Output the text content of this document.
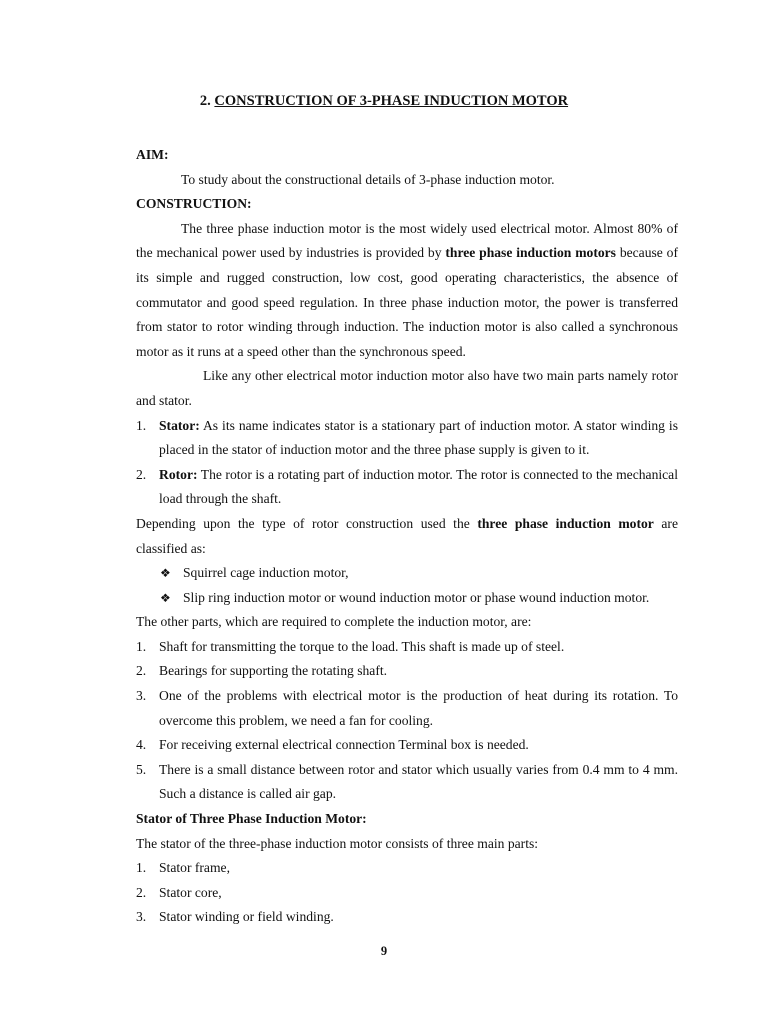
2. CONSTRUCTION OF 3-PHASE INDUCTION MOTOR

AIM:

To study about the constructional details of 3-phase induction motor.

CONSTRUCTION:

The three phase induction motor is the most widely used electrical motor. Almost 80% of the mechanical power used by industries is provided by three phase induction motors because of its simple and rugged construction, low cost, good operating characteristics, the absence of commutator and good speed regulation. In three phase induction motor, the power is transferred from stator to rotor winding through induction. The induction motor is also called a synchronous motor as it runs at a speed other than the synchronous speed.

Like any other electrical motor induction motor also have two main parts namely rotor and stator.

1. Stator: As its name indicates stator is a stationary part of induction motor. A stator winding is placed in the stator of induction motor and the three phase supply is given to it.
2. Rotor: The rotor is a rotating part of induction motor. The rotor is connected to the mechanical load through the shaft.

Depending upon the type of rotor construction used the three phase induction motor are classified as:

❖ Squirrel cage induction motor,
❖ Slip ring induction motor or wound induction motor or phase wound induction motor.

The other parts, which are required to complete the induction motor, are:

1. Shaft for transmitting the torque to the load. This shaft is made up of steel.
2. Bearings for supporting the rotating shaft.
3. One of the problems with electrical motor is the production of heat during its rotation. To overcome this problem, we need a fan for cooling.
4. For receiving external electrical connection Terminal box is needed.
5. There is a small distance between rotor and stator which usually varies from 0.4 mm to 4 mm. Such a distance is called air gap.

Stator of Three Phase Induction Motor:

The stator of the three-phase induction motor consists of three main parts:

1. Stator frame,
2. Stator core,
3. Stator winding or field winding.
9
